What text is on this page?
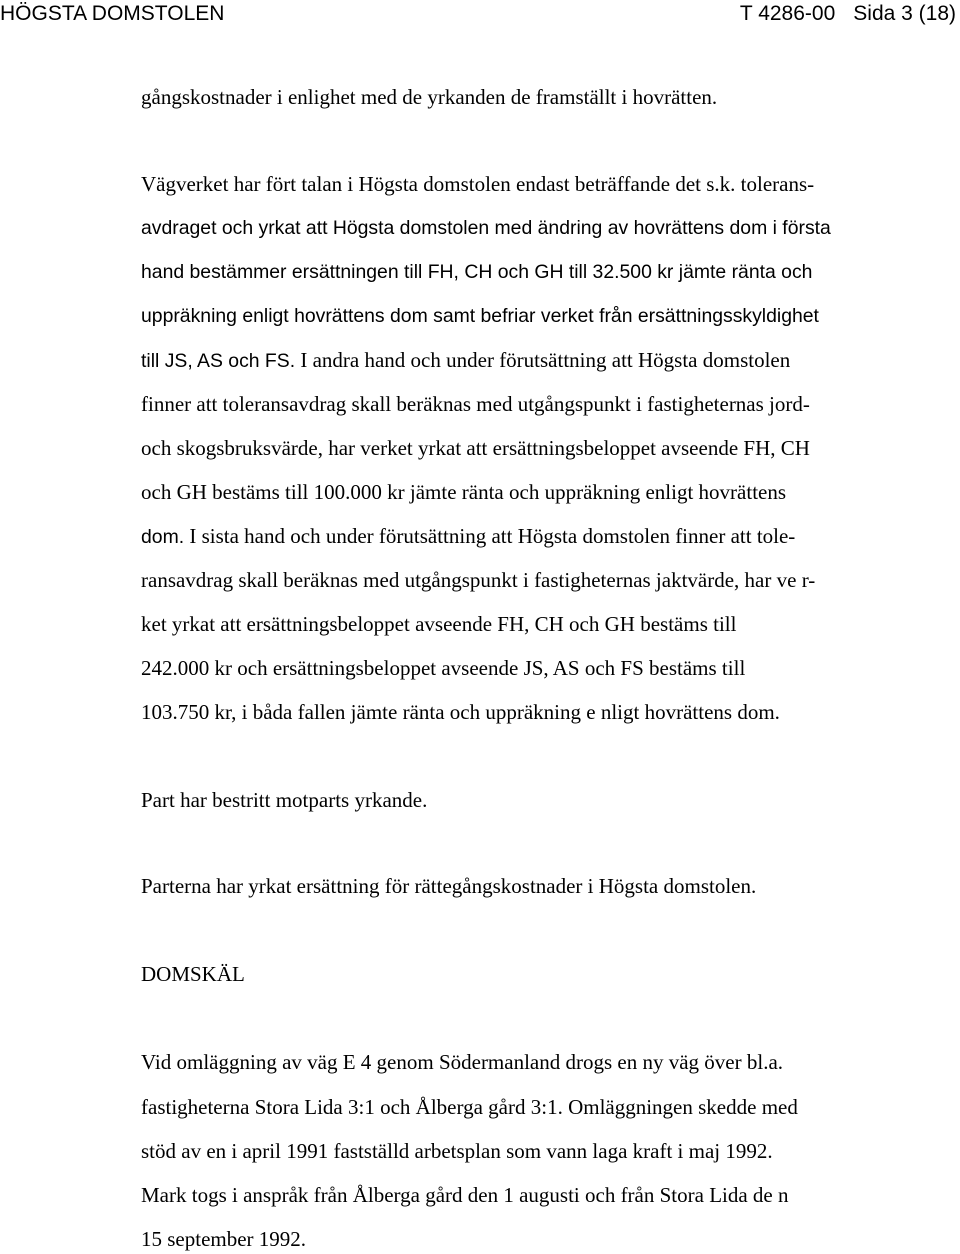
HÖGSTA DOMSTOLEN	T 4286-00 Sida 3 (18)
gångskostnader i enlighet med de yrkanden de framställt i hovrätten.
Vägverket har fört talan i Högsta domstolen endast beträffande det s.k. tolerans-
avdraget och yrkat att Högsta domstolen med ändring av hovrättens dom i första
hand bestämmer ersättningen till FH, CH och GH till 32.500 kr jämte ränta och
uppräkning enligt hovrättens dom samt befriar verket från ersättningsskyldighet
till JS, AS och FS. I andra hand och under förutsättning att Högsta domstolen
finner att toleransavdrag skall beräknas med utgångspunkt i fastigheternas jord-
och skogsbruksvärde, har verket yrkat att ersättningsbeloppet avseende FH, CH
och GH bestäms till 100.000 kr jämte ränta och uppräkning enligt hovrättens
dom. I sista hand och under förutsättning att Högsta domstolen finner att tole-
ransavdrag skall beräknas med utgångspunkt i fastigheternas jaktvärde, har ve r-
ket yrkat att ersättningsbeloppet avseende FH, CH och GH bestäms till
242.000 kr och ersättningsbeloppet avseende JS, AS och FS bestäms till
103.750 kr, i båda fallen jämte ränta och uppräkning e nligt hovrättens dom.
Part har bestritt motparts yrkande.
Parterna har yrkat ersättning för rättegångskostnader i Högsta domstolen.
DOMSKÄL
Vid omläggning av väg E 4 genom Södermanland drogs en ny väg över bl.a.
fastigheterna Stora Lida 3:1 och Ålberga gård 3:1. Omläggningen skedde med
stöd av en i april 1991 fastställd arbetsplan som vann laga kraft i maj 1992.
Mark togs i anspråk från Ålberga gård den 1 augusti och från Stora Lida de n
15 september 1992.
